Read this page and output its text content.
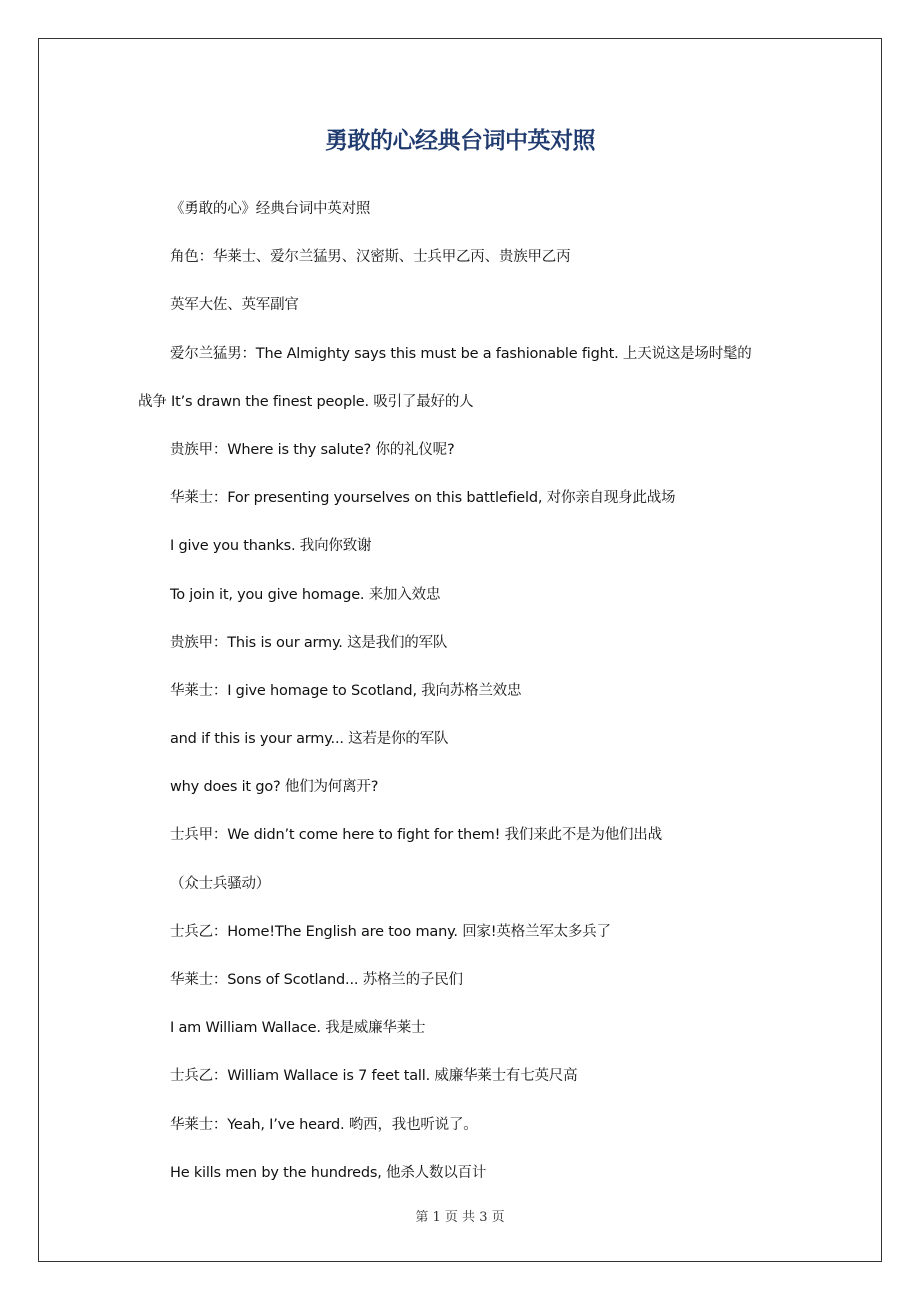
勇敢的心经典台词中英对照
《勇敢的心》经典台词中英对照
角色：华莱士、爱尔兰猛男、汉密斯、士兵甲乙丙、贵族甲乙丙
英军大佐、英军副官
爱尔兰猛男：The Almighty says this must be a fashionable fight. 上天说这是场时髦的
战争 It’s drawn the finest people. 吸引了最好的人
贵族甲：Where is thy salute? 你的礼仪呢?
华莱士：For presenting yourselves on this battlefield, 对你亲自现身此战场
I give you thanks. 我向你致谢
To join it, you give homage. 来加入效忠
贵族甲：This is our army. 这是我们的军队
华莱士：I give homage to Scotland, 我向苏格兰效忠
and if this is your army... 这若是你的军队
why does it go? 他们为何离开?
士兵甲：We didn’t come here to fight for them! 我们来此不是为他们出战
（众士兵骚动）
士兵乙：Home!The English are too many. 回家!英格兰军太多兵了
华莱士：Sons of Scotland... 苏格兰的子民们
I am William Wallace. 我是威廉华莱士
士兵乙：William Wallace is 7 feet tall. 威廉华莱士有七英尺高
华莱士：Yeah, I’ve heard. 哟西，我也听说了。
He kills men by the hundreds, 他杀人数以百计
第 1 页 共 3 页
